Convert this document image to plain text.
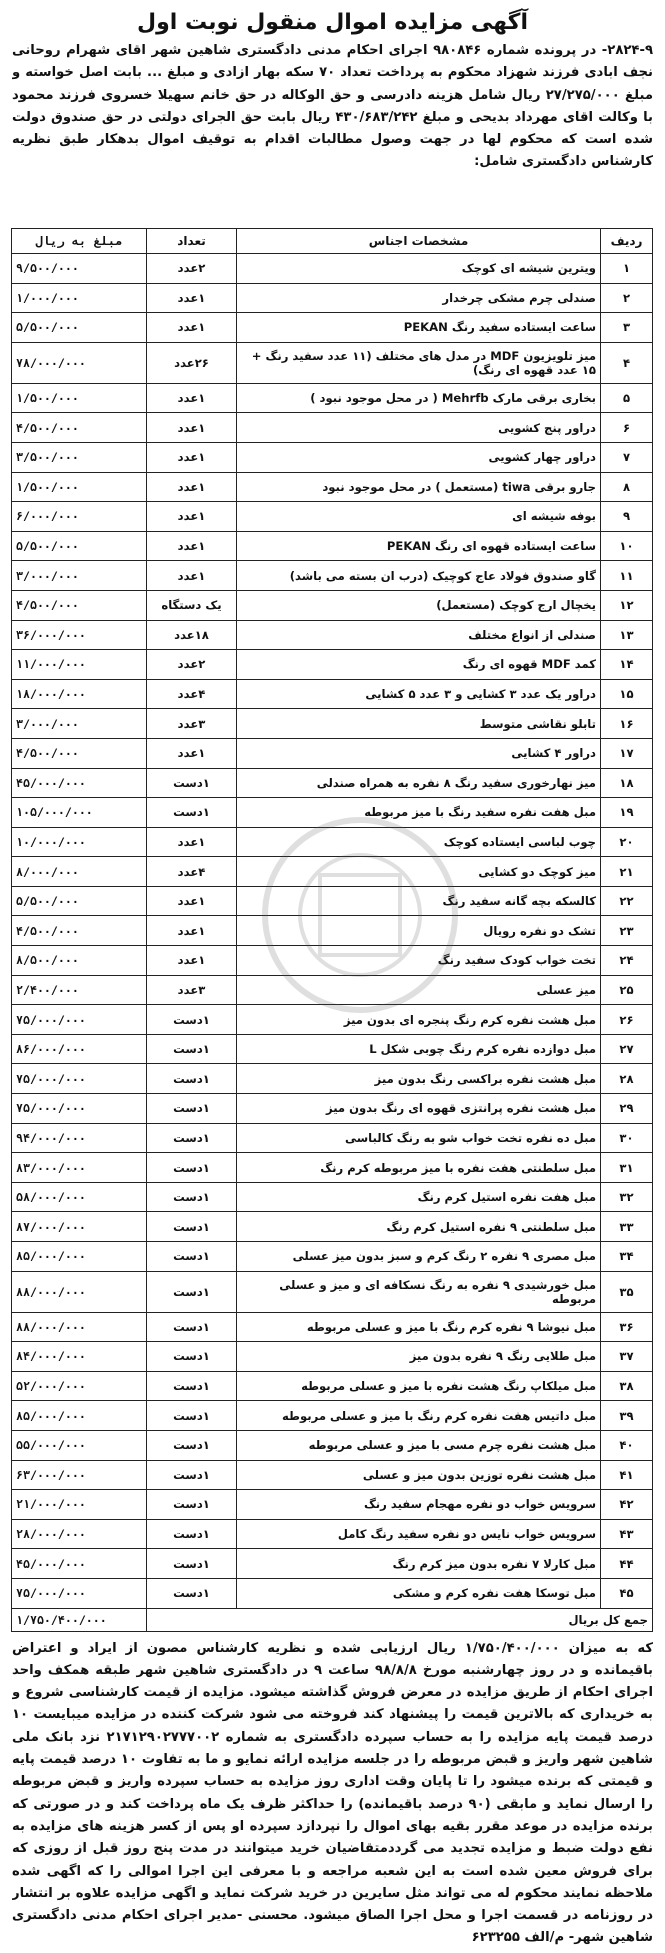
آگهی مزایده اموال منقول نوبت اول
۲۸۲۴-۹- در پرونده شماره ۹۸۰۸۴۶ اجرای احکام مدنی دادگستری شاهین شهر اقای شهرام روحانی نجف ابادی فرزند شهزاد محکوم به پرداخت تعداد ۷۰ سکه بهار ازادی و مبلغ ... بابت اصل خواسته و مبلغ ۲۷/۲۷۵/۰۰۰ ریال شامل هزینه دادرسی و حق الوکاله در حق خانم سهیلا خسروی فرزند محمود با وکالت اقای مهرداد بدیحی و مبلغ ۴۳۰/۶۸۳/۲۴۲ ریال بابت حق الجرای دولتی در حق صندوق دولت شده است که محکوم لها در جهت وصول مطالبات اقدام به توقیف اموال بدهکار طبق نظریه کارشناس دادگستری شامل:
ردیف	مشخصات اجناس	تعداد	مبلغ به ریال
۱	ویترین شیشه ای کوچک	۲عدد	۹/۵۰۰/۰۰۰
۲	صندلی چرم مشکی چرخدار	۱عدد	۱/۰۰۰/۰۰۰
۳	ساعت ایستاده سفید رنگ PEKAN	۱عدد	۵/۵۰۰/۰۰۰
۴	میز تلویزیون MDF در مدل های مختلف (۱۱ عدد سفید رنگ + ۱۵ عدد قهوه ای رنگ)	۲۶عدد	۷۸/۰۰۰/۰۰۰
۵	بخاری برقی مارک Mehrfb ( در محل موجود نبود )	۱عدد	۱/۵۰۰/۰۰۰
۶	دراور پنج کشویی	۱عدد	۴/۵۰۰/۰۰۰
۷	دراور چهار کشویی	۱عدد	۳/۵۰۰/۰۰۰
۸	جارو برقی tiwa (مستعمل ) در محل موجود نبود	۱عدد	۱/۵۰۰/۰۰۰
۹	بوفه شیشه ای	۱عدد	۶/۰۰۰/۰۰۰
۱۰	ساعت ایستاده قهوه ای رنگ PEKAN	۱عدد	۵/۵۰۰/۰۰۰
۱۱	گاو صندوق فولاد عاج کوچیک (درب ان بسته می باشد)	۱عدد	۳/۰۰۰/۰۰۰
۱۲	یخچال ارج کوچک (مستعمل)	یک دستگاه	۴/۵۰۰/۰۰۰
۱۳	صندلی از انواع مختلف	۱۸عدد	۳۶/۰۰۰/۰۰۰
۱۴	کمد MDF قهوه ای رنگ	۲عدد	۱۱/۰۰۰/۰۰۰
۱۵	دراور یک عدد ۳ کشایی و ۳ عدد ۵ کشایی	۴عدد	۱۸/۰۰۰/۰۰۰
۱۶	تابلو نقاشی متوسط	۳عدد	۳/۰۰۰/۰۰۰
۱۷	دراور ۴ کشایی	۱عدد	۴/۵۰۰/۰۰۰
۱۸	میز نهارخوری سفید رنگ ۸ نفره به همراه صندلی	۱دست	۴۵/۰۰۰/۰۰۰
۱۹	مبل هفت نفره سفید رنگ با میز مربوطه	۱دست	۱۰۵/۰۰۰/۰۰۰
۲۰	چوب لباسی ایستاده کوچک	۱عدد	۱۰/۰۰۰/۰۰۰
۲۱	میز کوچک دو کشایی	۴عدد	۸/۰۰۰/۰۰۰
۲۲	کالسکه بچه گانه سفید رنگ	۱عدد	۵/۵۰۰/۰۰۰
۲۳	تشک دو نفره رویال	۱عدد	۴/۵۰۰/۰۰۰
۲۴	تخت خواب کودک سفید رنگ	۱عدد	۸/۵۰۰/۰۰۰
۲۵	میز عسلی	۳عدد	۲/۴۰۰/۰۰۰
۲۶	مبل هشت نفره کرم رنگ پنجره ای بدون میز	۱دست	۷۵/۰۰۰/۰۰۰
۲۷	مبل دوازده نفره کرم رنگ چوبی شکل L	۱دست	۸۶/۰۰۰/۰۰۰
۲۸	مبل هشت نفره براکسی رنگ بدون میز	۱دست	۷۵/۰۰۰/۰۰۰
۲۹	مبل هشت نفره پرانتزی قهوه ای رنگ بدون میز	۱دست	۷۵/۰۰۰/۰۰۰
۳۰	مبل ده نفره تخت خواب شو به رنگ کالباسی	۱دست	۹۴/۰۰۰/۰۰۰
۳۱	مبل سلطنتی هفت نفره با میز مربوطه کرم رنگ	۱دست	۸۳/۰۰۰/۰۰۰
۳۲	مبل هفت نفره استیل کرم رنگ	۱دست	۵۸/۰۰۰/۰۰۰
۳۳	مبل سلطنتی ۹ نفره استیل کرم رنگ	۱دست	۸۷/۰۰۰/۰۰۰
۳۴	مبل مصری ۹ نفره ۲ رنگ کرم و سبز بدون میز عسلی	۱دست	۸۵/۰۰۰/۰۰۰
۳۵	مبل خورشیدی ۹ نفره به رنگ نسکافه ای و میز و عسلی مربوطه	۱دست	۸۸/۰۰۰/۰۰۰
۳۶	مبل نیوشا ۹ نفره کرم رنگ با میز و عسلی مربوطه	۱دست	۸۸/۰۰۰/۰۰۰
۳۷	مبل طلایی رنگ ۹ نفره بدون میز	۱دست	۸۴/۰۰۰/۰۰۰
۳۸	مبل میلکاپ رنگ هشت نفره با میز و عسلی مربوطه	۱دست	۵۲/۰۰۰/۰۰۰
۳۹	مبل داتیس هفت نفره کرم رنگ با میز و عسلی مربوطه	۱دست	۸۵/۰۰۰/۰۰۰
۴۰	مبل هشت نفره چرم مسی با میز و عسلی مربوطه	۱دست	۵۵/۰۰۰/۰۰۰
۴۱	مبل هشت نفره توزین بدون میز و عسلی	۱دست	۶۳/۰۰۰/۰۰۰
۴۲	سرویس خواب دو نفره مهجام سفید رنگ	۱دست	۲۱/۰۰۰/۰۰۰
۴۳	سرویس خواب نایس دو نفره سفید رنگ کامل	۱دست	۲۸/۰۰۰/۰۰۰
۴۴	مبل کارلا ۷ نفره بدون میز کرم رنگ	۱دست	۴۵/۰۰۰/۰۰۰
۴۵	مبل توسکا هفت نفره کرم و مشکی	۱دست	۷۵/۰۰۰/۰۰۰
جمع کل بریال			۱/۷۵۰/۴۰۰/۰۰۰
که به میزان ۱/۷۵۰/۴۰۰/۰۰۰ ریال ارزیابی شده و نظریه کارشناس مصون از ایراد و اعتراض باقیمانده و در روز چهارشنبه مورخ ۹۸/۸/۸ ساعت ۹ در دادگستری شاهین شهر طبقه همکف واحد اجرای احکام از طریق مزایده در معرض فروش گذاشته میشود. مزایده از قیمت کارشناسی شروع و به خریداری که بالاترین قیمت را پیشنهاد کند فروخته می شود شرکت کننده در مزایده میبایست ۱۰ درصد قیمت پایه مزایده را به حساب سپرده دادگستری به شماره ۲۱۷۱۲۹۰۲۷۷۷۰۰۲ نزد بانک ملی شاهین شهر واریز و قبض مربوطه را در جلسه مزایده ارائه نمایو و ما به تفاوت ۱۰ درصد قیمت پایه و قیمتی که برنده میشود را تا پایان وقت اداری روز مزایده به حساب سپرده واریز و قبض مربوطه را ارسال نماید و مابقی (۹۰ درصد باقیمانده) را حداکثر ظرف یک ماه پرداخت کند و در صورتی که برنده مزایده در موعد مقرر بقیه بهای اموال را نپردازد سپرده او پس از کسر هزینه های مزایده به نفع دولت ضبط و مزایده تجدید می گرددمتقاضیان خرید میتوانند در مدت پنج روز قبل از روزی که برای فروش معین شده است به این شعبه مراجعه و با معرفی این اجرا اموالی را که اگهی شده ملاحظه نمایند محکوم له می تواند مثل سایرین در خرید شرکت نماید و اگهی مزایده علاوه بر انتشار در روزنامه در قسمت اجرا و محل اجرا الصاق میشود. محسنی -مدیر اجرای احکام مدنی دادگستری شاهین شهر- م/الف ۶۲۳۲۵۵
